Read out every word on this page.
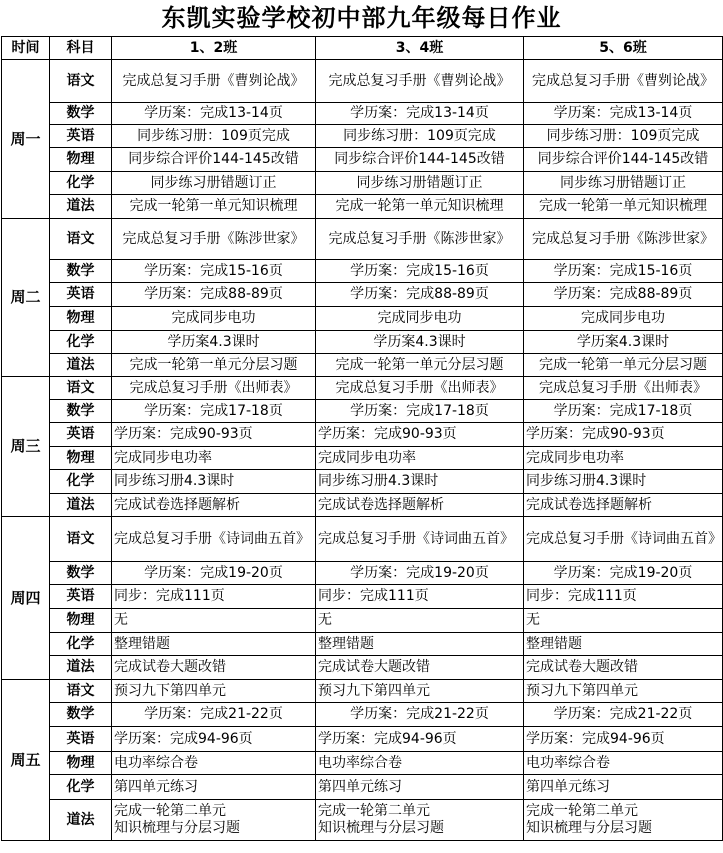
东凯实验学校初中部九年级每日作业
时间	科目	1、2班	3、4班	5、6班
周一	语文	完成总复习手册《曹刿论战》	完成总复习手册《曹刿论战》	完成总复习手册《曹刿论战》
	数学	学历案：完成13-14页	学历案：完成13-14页	学历案：完成13-14页
	英语	同步练习册：109页完成	同步练习册：109页完成	同步练习册：109页完成
	物理	同步综合评价144-145改错	同步综合评价144-145改错	同步综合评价144-145改错
	化学	同步练习册错题订正	同步练习册错题订正	同步练习册错题订正
	道法	完成一轮第一单元知识梳理	完成一轮第一单元知识梳理	完成一轮第一单元知识梳理
周二	语文	完成总复习手册《陈涉世家》	完成总复习手册《陈涉世家》	完成总复习手册《陈涉世家》
	数学	学历案：完成15-16页	学历案：完成15-16页	学历案：完成15-16页
	英语	学历案：完成88-89页	学历案：完成88-89页	学历案：完成88-89页
	物理	完成同步电功	完成同步电功	完成同步电功
	化学	学历案4.3课时	学历案4.3课时	学历案4.3课时
	道法	完成一轮第一单元分层习题	完成一轮第一单元分层习题	完成一轮第一单元分层习题
周三	语文	完成总复习手册《出师表》	完成总复习手册《出师表》	完成总复习手册《出师表》
	数学	学历案：完成17-18页	学历案：完成17-18页	学历案：完成17-18页
	英语	学历案：完成90-93页	学历案：完成90-93页	学历案：完成90-93页
	物理	完成同步电功率	完成同步电功率	完成同步电功率
	化学	同步练习册4.3课时	同步练习册4.3课时	同步练习册4.3课时
	道法	完成试卷选择题解析	完成试卷选择题解析	完成试卷选择题解析
周四	语文	完成总复习手册《诗词曲五首》	完成总复习手册《诗词曲五首》	完成总复习手册《诗词曲五首》
	数学	学历案：完成19-20页	学历案：完成19-20页	学历案：完成19-20页
	英语	同步：完成111页	同步：完成111页	同步：完成111页
	物理	无	无	无
	化学	整理错题	整理错题	整理错题
	道法	完成试卷大题改错	完成试卷大题改错	完成试卷大题改错
周五	语文	预习九下第四单元	预习九下第四单元	预习九下第四单元
	数学	学历案：完成21-22页	学历案：完成21-22页	学历案：完成21-22页
	英语	学历案：完成94-96页	学历案：完成94-96页	学历案：完成94-96页
	物理	电功率综合卷	电功率综合卷	电功率综合卷
	化学	第四单元练习	第四单元练习	第四单元练习
	道法	完成一轮第二单元
知识梳理与分层习题	完成一轮第二单元
知识梳理与分层习题	完成一轮第二单元
知识梳理与分层习题
